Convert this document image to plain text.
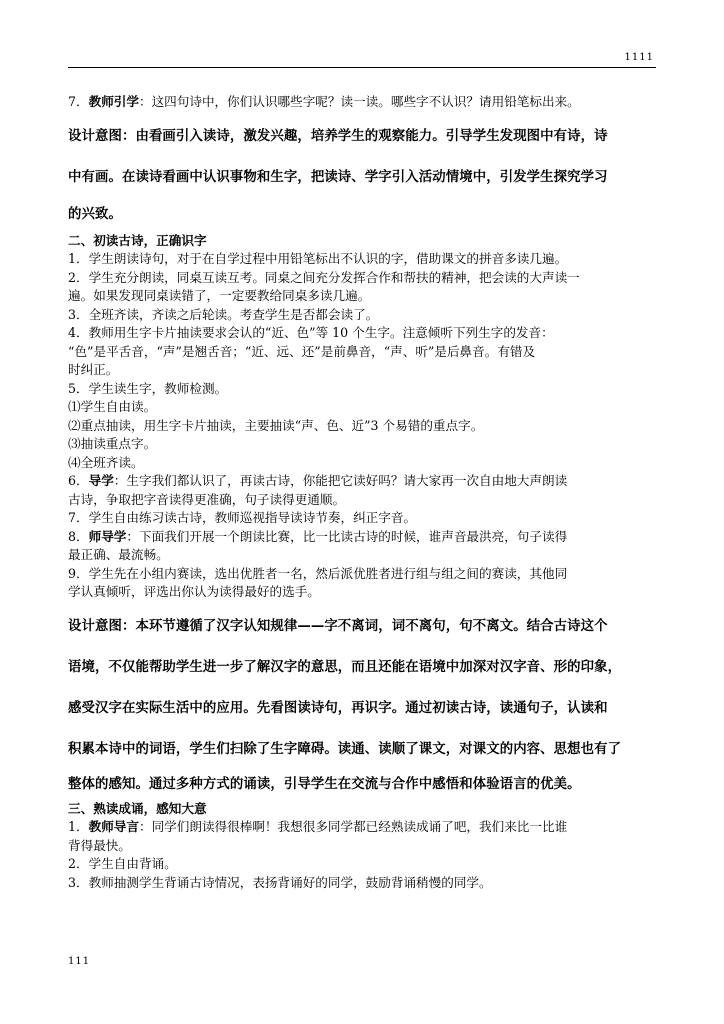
1111

7．教师引学：这四句诗中，你们认识哪些字呢？读一读。哪些字不认识？请用铅笔标出来。

设计意图：由看画引入读诗，激发兴趣，培养学生的观察能力。引导学生发现图中有诗，诗

中有画。在读诗看画中认识事物和生字，把读诗、学字引入活动情境中，引发学生探究学习

的兴致。

二、初读古诗，正确识字

1．学生朗读诗句，对于在自学过程中用铅笔标出不认识的字，借助课文的拼音多读几遍。

2．学生充分朗读，同桌互读互考。同桌之间充分发挥合作和帮扶的精神，把会读的大声读一

遍。如果发现同桌读错了，一定要教给同桌多读几遍。

3．全班齐读，齐读之后轮读。考查学生是否都会读了。

4．教师用生字卡片抽读要求会认的“近、色”等 10 个生字。注意倾听下列生字的发音：

“色”是平舌音，“声”是翘舌音；“近、远、还”是前鼻音，“声、听”是后鼻音。有错及

时纠正。

5．学生读生字，教师检测。

⑴学生自由读。

⑵重点抽读，用生字卡片抽读，主要抽读“声、色、近”3 个易错的重点字。

⑶抽读重点字。

⑷全班齐读。

6．导学：生字我们都认识了，再读古诗，你能把它读好吗？请大家再一次自由地大声朗读

古诗，争取把字音读得更准确，句子读得更通顺。

7．学生自由练习读古诗，教师巡视指导读诗节奏，纠正字音。

8．师导学：下面我们开展一个朗读比赛，比一比读古诗的时候，谁声音最洪亮，句子读得

最正确、最流畅。

9．学生先在小组内赛读，选出优胜者一名，然后派优胜者进行组与组之间的赛读，其他同

学认真倾听，评选出你认为读得最好的选手。

设计意图：本环节遵循了汉字认知规律——字不离词，词不离句，句不离文。结合古诗这个

语境，不仅能帮助学生进一步了解汉字的意思，而且还能在语境中加深对汉字音、形的印象，

感受汉字在实际生活中的应用。先看图读诗句，再识字。通过初读古诗，读通句子，认读和

积累本诗中的词语，学生们扫除了生字障碍。读通、读顺了课文，对课文的内容、思想也有了

整体的感知。通过多种方式的诵读，引导学生在交流与合作中感悟和体验语言的优美。

三、熟读成诵，感知大意

1．教师导言：同学们朗读得很棒啊！我想很多同学都已经熟读成诵了吧，我们来比一比谁

背得最快。

2．学生自由背诵。

3．教师抽测学生背诵古诗情况，表扬背诵好的同学，鼓励背诵稍慢的同学。

111
